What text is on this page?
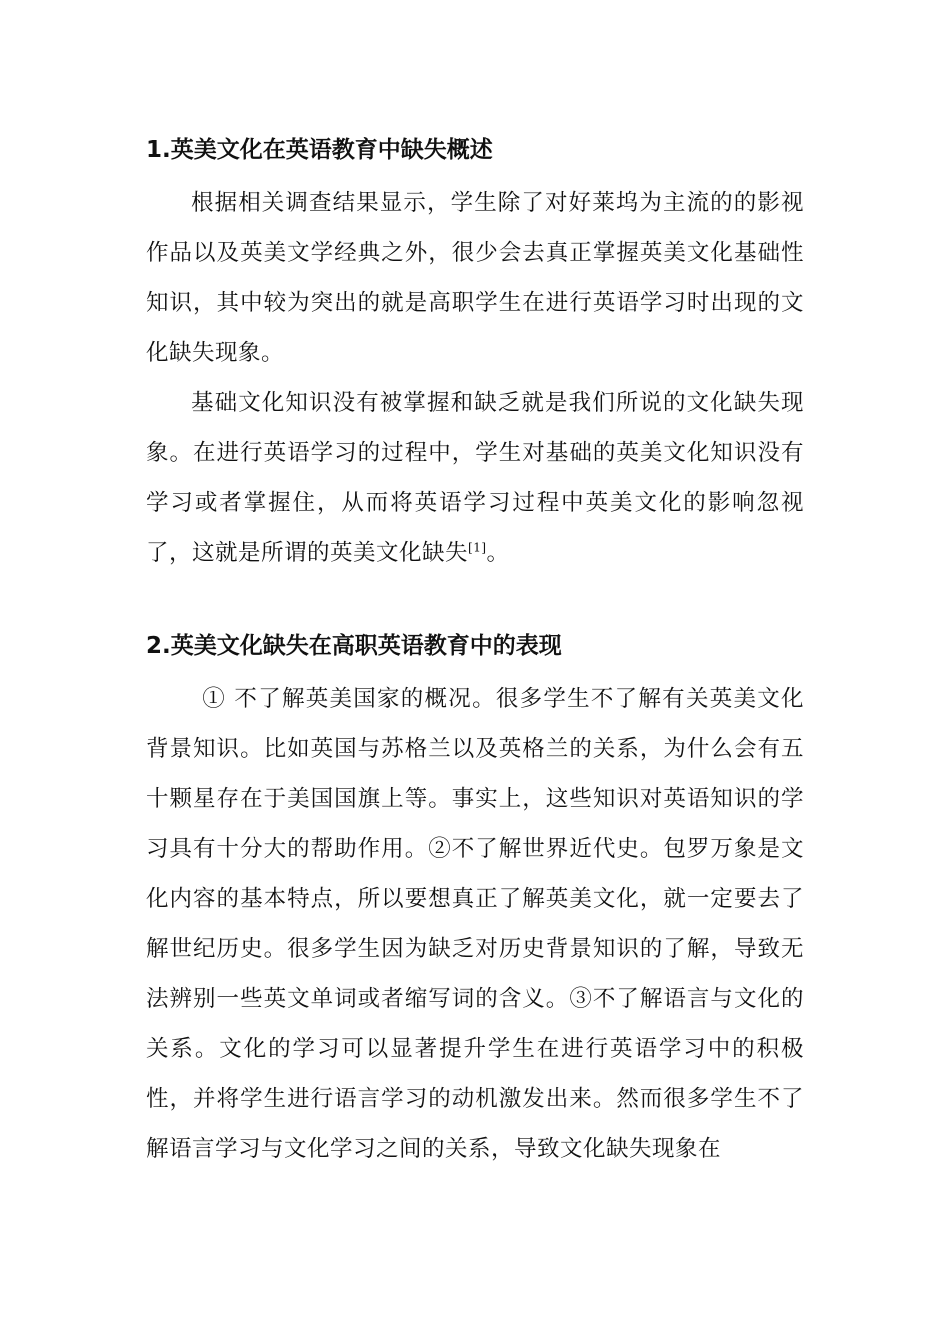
1.英美文化在英语教育中缺失概述

根据相关调查结果显示，学生除了对好莱坞为主流的的影视作品以及英美文学经典之外，很少会去真正掌握英美文化基础性知识，其中较为突出的就是高职学生在进行英语学习时出现的文化缺失现象。

基础文化知识没有被掌握和缺乏就是我们所说的文化缺失现象。在进行英语学习的过程中，学生对基础的英美文化知识没有学习或者掌握住，从而将英语学习过程中英美文化的影响忽视了，这就是所谓的英美文化缺失[1]。

2.英美文化缺失在高职英语教育中的表现

① 不了解英美国家的概况。很多学生不了解有关英美文化背景知识。比如英国与苏格兰以及英格兰的关系，为什么会有五十颗星存在于美国国旗上等。事实上，这些知识对英语知识的学习具有十分大的帮助作用。②不了解世界近代史。包罗万象是文化内容的基本特点，所以要想真正了解英美文化，就一定要去了解世纪历史。很多学生因为缺乏对历史背景知识的了解，导致无法辨别一些英文单词或者缩写词的含义。③不了解语言与文化的关系。文化的学习可以显著提升学生在进行英语学习中的积极性，并将学生进行语言学习的动机激发出来。然而很多学生不了解语言学习与文化学习之间的关系，导致文化缺失现象在
